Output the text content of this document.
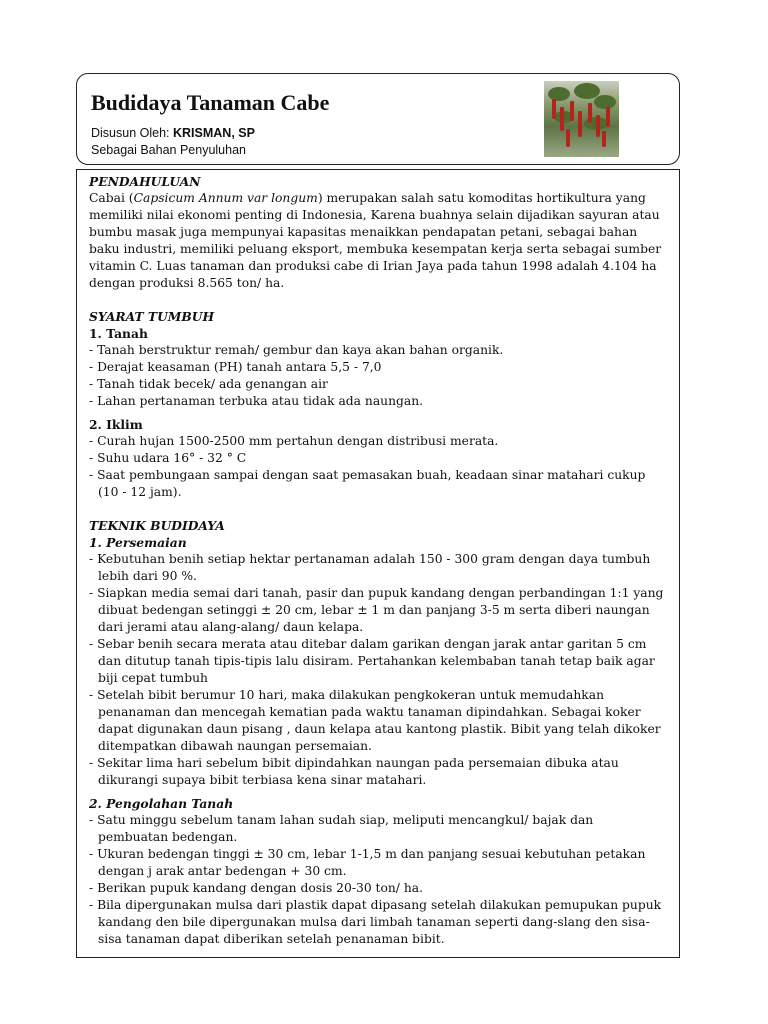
Budidaya Tanaman Cabe
Disusun Oleh: KRISMAN, SP
Sebagai Bahan Penyuluhan

PENDAHULUAN

Cabai (Capsicum Annum var longum) merupakan salah satu komoditas hortikultura yang memiliki nilai ekonomi penting di Indonesia, Karena buahnya selain dijadikan sayuran atau bumbu masak juga mempunyai kapasitas menaikkan pendapatan petani, sebagai bahan baku industri, memiliki peluang eksport, membuka kesempatan kerja serta sebagai sumber vitamin C. Luas tanaman dan produksi cabe di Irian Jaya pada tahun 1998 adalah 4.104 ha dengan produksi 8.565 ton/ ha.

SYARAT TUMBUH

1. Tanah

- Tanah berstruktur remah/ gembur dan kaya akan bahan organik.
- Derajat keasaman (PH) tanah antara 5,5 - 7,0
- Tanah tidak becek/ ada genangan air
- Lahan pertanaman terbuka atau tidak ada naungan.

2. Iklim

- Curah hujan 1500-2500 mm pertahun dengan distribusi merata.
- Suhu udara 16° - 32 ° C
- Saat pembungaan sampai dengan saat pemasakan buah, keadaan sinar matahari cukup (10 - 12 jam).

TEKNIK BUDIDAYA

1. Persemaian

- Kebutuhan benih setiap hektar pertanaman adalah 150 - 300 gram dengan daya tumbuh lebih dari 90 %.
- Siapkan media semai dari tanah, pasir dan pupuk kandang dengan perbandingan 1:1 yang dibuat bedengan setinggi ± 20 cm, lebar ± 1 m dan panjang 3-5 m serta diberi naungan dari jerami atau alang-alang/ daun kelapa.
- Sebar benih secara merata atau ditebar dalam garikan dengan jarak antar garitan 5 cm dan ditutup tanah tipis-tipis lalu disiram. Pertahankan kelembaban tanah tetap baik agar biji cepat tumbuh
- Setelah bibit berumur 10 hari, maka dilakukan pengkokeran untuk memudahkan penanaman dan mencegah kematian pada waktu tanaman dipindahkan. Sebagai koker dapat digunakan daun pisang , daun kelapa atau kantong plastik. Bibit yang telah dikoker ditempatkan dibawah naungan persemaian.
- Sekitar lima hari sebelum bibit dipindahkan naungan pada persemaian dibuka atau dikurangi supaya bibit terbiasa kena sinar matahari.

2. Pengolahan Tanah

- Satu minggu sebelum tanam lahan sudah siap, meliputi mencangkul/ bajak dan pembuatan bedengan.
- Ukuran bedengan tinggi ± 30 cm, lebar 1-1,5 m dan panjang sesuai kebutuhan petakan dengan j arak antar bedengan + 30 cm.
- Berikan pupuk kandang dengan dosis 20-30 ton/ ha.
- Bila dipergunakan mulsa dari plastik dapat dipasang setelah dilakukan pemupukan pupuk kandang den bile dipergunakan mulsa dari limbah tanaman seperti dang-slang den sisa-sisa tanaman dapat diberikan setelah penanaman bibit.
